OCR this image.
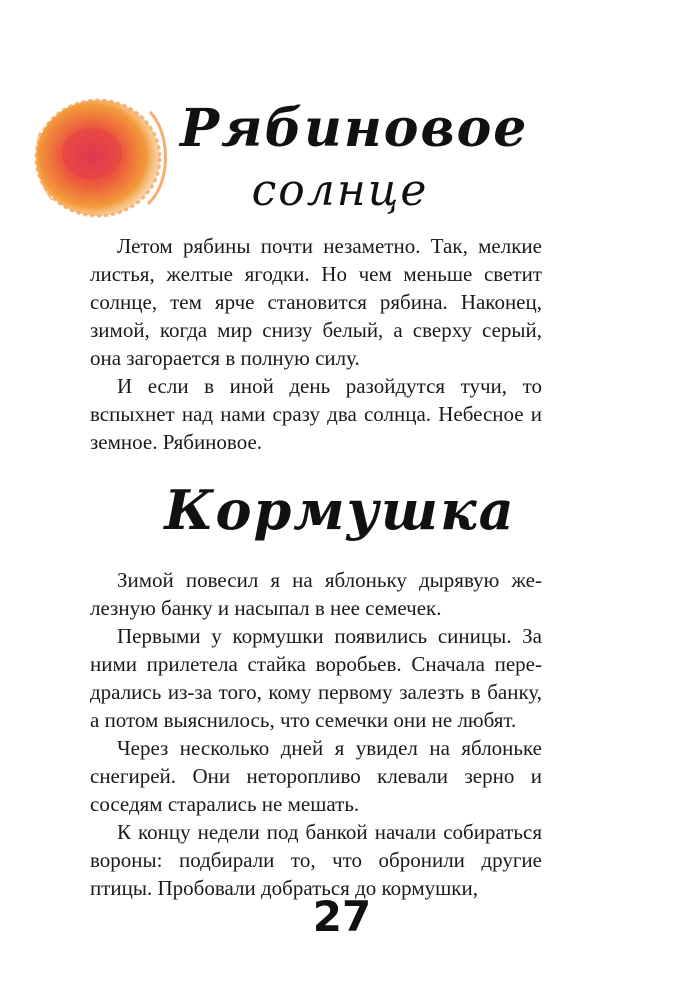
Рябиновое
солнце

Летом рябины почти незаметно. Так, мелкие листья, желтые ягодки. Но чем меньше светит солнце, тем ярче становится рябина. Наконец, зимой, когда мир снизу белый, а сверху серый, она загорается в полную силу.

И если в иной день разойдутся тучи, то вспыхнет над нами сразу два солнца. Небесное и земное. Рябиновое.

Кормушка

Зимой повесил я на яблоньку дырявую железную банку и насыпал в нее семечек.

Первыми у кормушки появились синицы. За ними прилетела стайка воробьев. Сначала передрались из-за того, кому первому залезть в банку, а потом выяснилось, что семечки они не любят.

Через несколько дней я увидел на яблоньке снегирей. Они неторопливо клевали зерно и соседям старались не мешать.

К концу недели под банкой начали собираться вороны: подбирали то, что обронили другие птицы. Пробовали добраться до кормушки,

27
